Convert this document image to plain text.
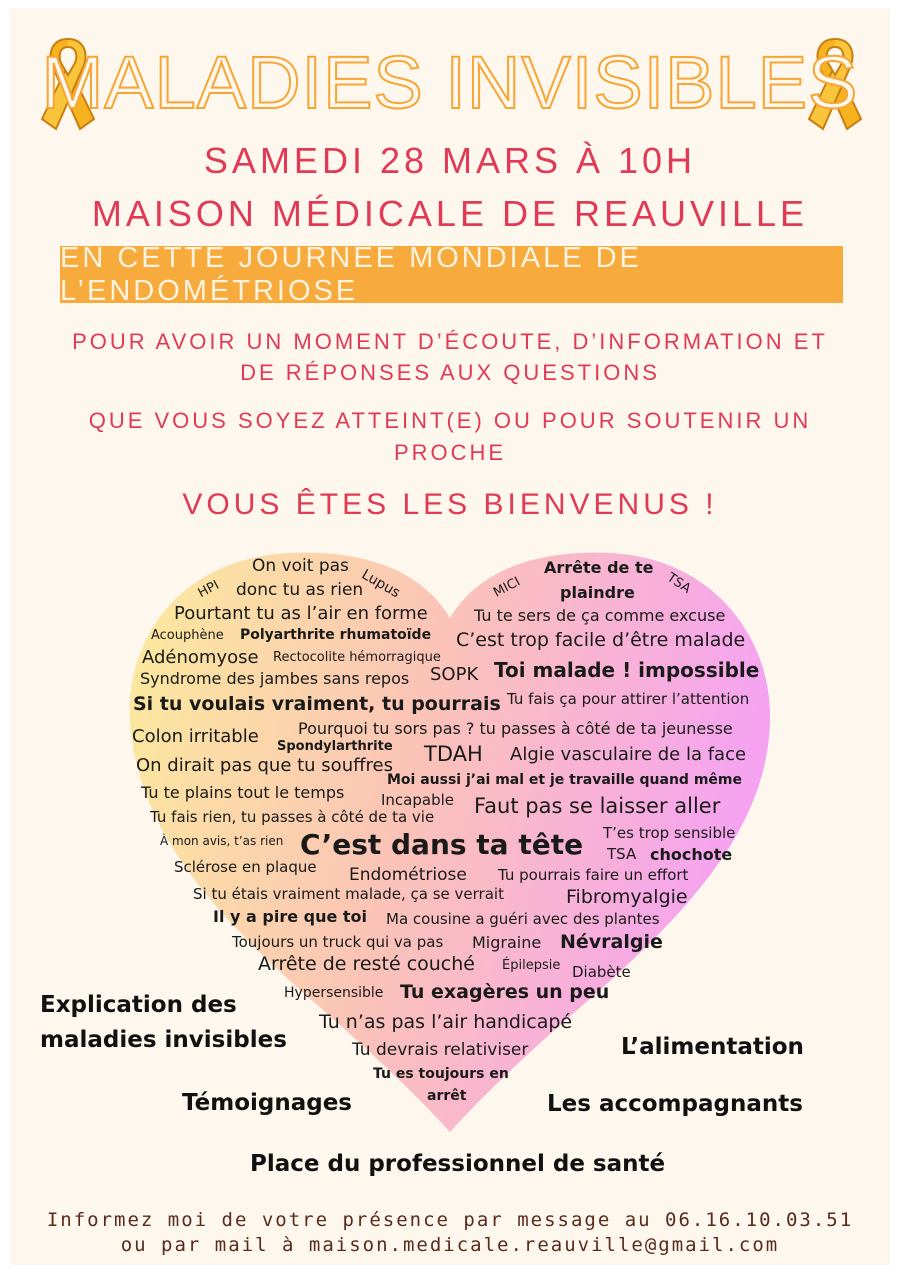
MALADIES INVISIBLES

SAMEDI 28 MARS À 10H

MAISON MÉDICALE DE REAUVILLE

EN CETTE JOURNÉE MONDIALE DE L’ENDOMÉTRIOSE

POUR AVOIR UN MOMENT D’ÉCOUTE, D’INFORMATION ET

DE RÉPONSES AUX QUESTIONS

QUE VOUS SOYEZ ATTEINT(E) OU POUR SOUTENIR UN

PROCHE

VOUS ÊTES LES BIENVENUS !

On voit pas
HPI donc tu as rien
Lupus	MICI
Arrête de te
plaindre TSA
Pourtant tu as l’air en forme	Tu te sers de ça comme excuse
Acouphène Polyarthrite rhumatoïde C’est trop facile d’être malade
Adénomyose Rectocolite hémorragique
SOPK Toi malade ! impossible
Syndrome des jambes sans repos
Si tu voulais vraiment, tu pourrais Tu fais ça pour attirer l’attention
Colon irritable Pourquoi tu sors pas ? tu passes à côté de ta jeunesse
Spondylarthrite TDAH Algie vasculaire de la face
On dirait pas que tu souffres
Moi aussi j’ai mal et je travaille quand même
Tu te plains tout le temps Incapable Faut pas se laisser aller
Tu fais rien, tu passes à côté de ta vie
T’es trop sensible
À mon avis, t’as rien C’est dans ta tête TSA chochote
Sclérose en plaque Endométriose Tu pourrais faire un effort
Si tu étais vraiment malade, ça se verrait	Fibromyalgie
Il y a pire que toi Ma cousine a guéri avec des plantes
Toujours un truck qui va pas Migraine Névralgie
Arrête de resté couché Épilepsie Diabète
Hypersensible Tu exagères un peu
Tu n’as pas l’air handicapé
Tu devrais relativiser
Tu es toujours en
arrêt
Explication des
maladies invisibles	L’alimentation
Témoignages	Les accompagnants
Place du professionnel de santé

Informez moi de votre présence par message au 06.16.10.03.51

ou par mail à maison.medicale.reauville@gmail.com
